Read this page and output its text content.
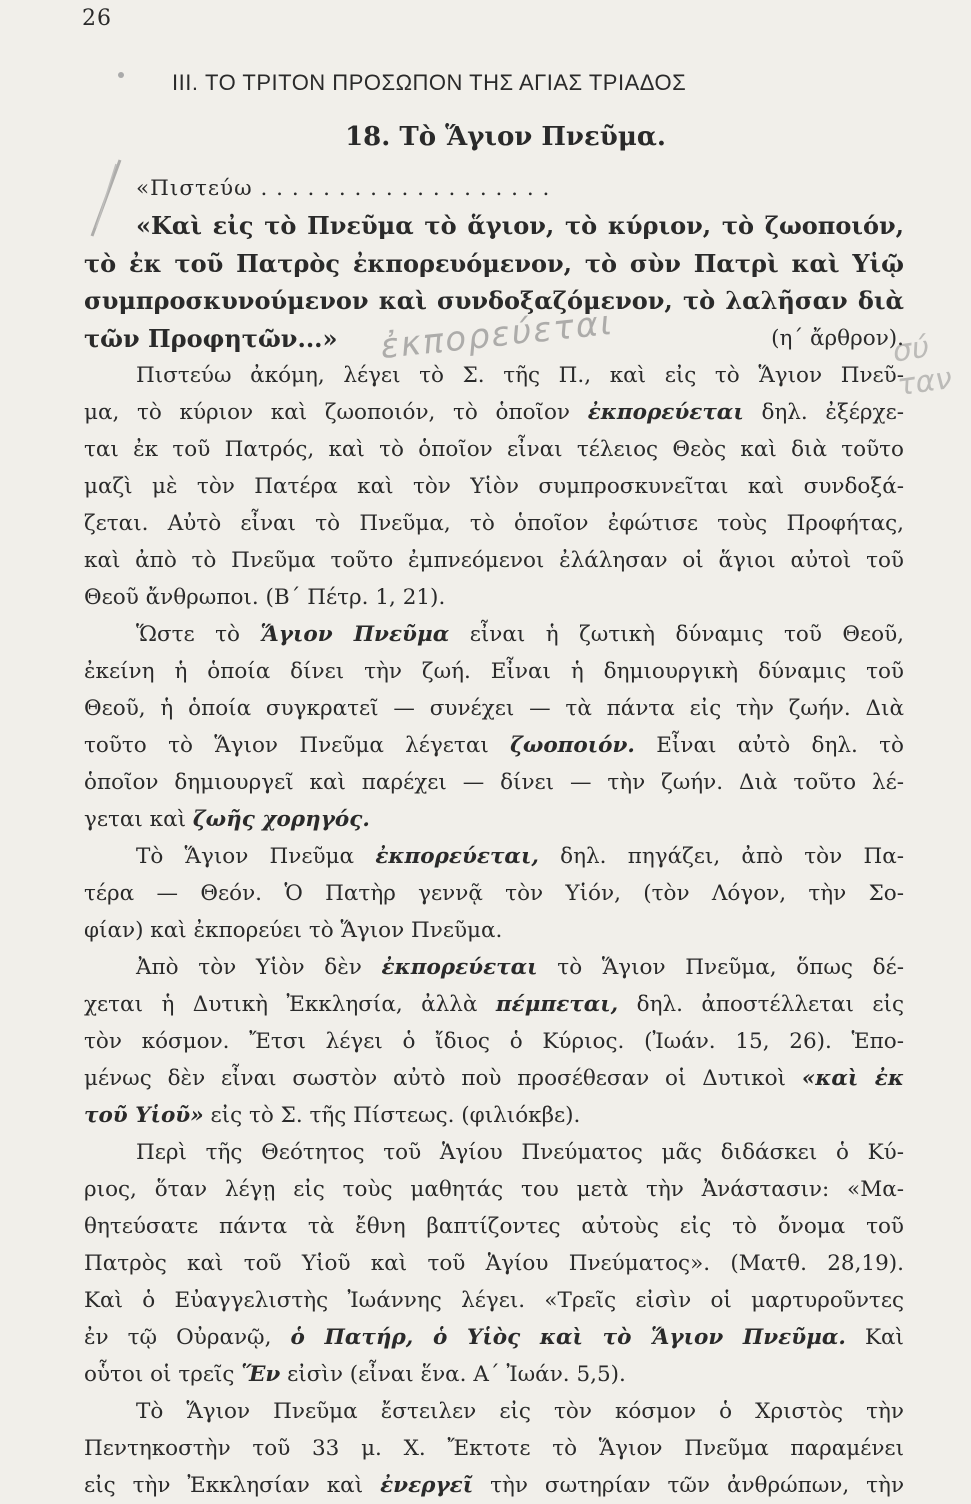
26
III. ΤΟ ΤΡΙΤΟΝ ΠΡΟΣΩΠΟΝ ΤΗΣ ΑΓΙΑΣ ΤΡΙΑΔΟΣ
18. Τὸ Ἅγιον Πνεῦμα.
ἐκπορεύεται	σύ ταν
«Πιστεύω . . . . . . . . . . . . . . . . . . .
«Καὶ εἰς τὸ Πνεῦμα τὸ ἅγιον, τὸ κύριον, τὸ ζωοποιόν,
τὸ ἐκ τοῦ Πατρὸς ἐκπορευόμενον, τὸ σὺν Πατρὶ καὶ Υἱῷ
συμπροσκυνούμενον καὶ συνδοξαζόμενον, τὸ λαλῆσαν διὰ
τῶν Προφητῶν...»	(η΄ ἄρθρον).
Πιστεύω ἀκόμη, λέγει τὸ Σ. τῆς Π., καὶ εἰς τὸ Ἅγιον Πνεῦ-
μα, τὸ κύριον καὶ ζωοποιόν, τὸ ὁποῖον ἐκπορεύεται δηλ. ἐξέρχε-
ται ἐκ τοῦ Πατρός, καὶ τὸ ὁποῖον εἶναι τέλειος Θεὸς καὶ διὰ τοῦτο
μαζὶ μὲ τὸν Πατέρα καὶ τὸν Υἱὸν συμπροσκυνεῖται καὶ συνδοξά-
ζεται. Αὐτὸ εἶναι τὸ Πνεῦμα, τὸ ὁποῖον ἐφώτισε τοὺς Προφήτας,
καὶ ἀπὸ τὸ Πνεῦμα τοῦτο ἐμπνεόμενοι ἐλάλησαν οἱ ἅγιοι αὐτοὶ τοῦ
Θεοῦ ἄνθρωποι. (Β΄ Πέτρ. 1, 21).
Ὥστε τὸ Ἅγιον Πνεῦμα εἶναι ἡ ζωτικὴ δύναμις τοῦ Θεοῦ,
ἐκείνη ἡ ὁποία δίνει τὴν ζωή. Εἶναι ἡ δημιουργικὴ δύναμις τοῦ
Θεοῦ, ἡ ὁποία συγκρατεῖ — συνέχει — τὰ πάντα εἰς τὴν ζωήν. Διὰ
τοῦτο τὸ Ἅγιον Πνεῦμα λέγεται ζωοποιόν. Εἶναι αὐτὸ δηλ. τὸ
ὁποῖον δημιουργεῖ καὶ παρέχει — δίνει — τὴν ζωήν. Διὰ τοῦτο λέ-
γεται καὶ ζωῆς χορηγός.
Τὸ Ἅγιον Πνεῦμα ἐκπορεύεται, δηλ. πηγάζει, ἀπὸ τὸν Πα-
τέρα — Θεόν. Ὁ Πατὴρ γεννᾷ τὸν Υἱόν, (τὸν Λόγον, τὴν Σο-
φίαν) καὶ ἐκπορεύει τὸ Ἅγιον Πνεῦμα.
Ἀπὸ τὸν Υἱὸν δὲν ἐκπορεύεται τὸ Ἅγιον Πνεῦμα, ὅπως δέ-
χεται ἡ Δυτικὴ Ἐκκλησία, ἀλλὰ πέμπεται, δηλ. ἀποστέλλεται εἰς
τὸν κόσμον. Ἔτσι λέγει ὁ ἴδιος ὁ Κύριος. (Ἰωάν. 15, 26). Ἑπο-
μένως δὲν εἶναι σωστὸν αὐτὸ ποὺ προσέθεσαν οἱ Δυτικοὶ «καὶ ἐκ
τοῦ Υἱοῦ» εἰς τὸ Σ. τῆς Πίστεως. (φιλιόκβε).
Περὶ τῆς Θεότητος τοῦ Ἁγίου Πνεύματος μᾶς διδάσκει ὁ Κύ-
ριος, ὅταν λέγῃ εἰς τοὺς μαθητάς του μετὰ τὴν Ἀνάστασιν: «Μα-
θητεύσατε πάντα τὰ ἔθνη βαπτίζοντες αὐτοὺς εἰς τὸ ὄνομα τοῦ
Πατρὸς καὶ τοῦ Υἱοῦ καὶ τοῦ Ἁγίου Πνεύματος». (Ματθ. 28,19).
Καὶ ὁ Εὐαγγελιστὴς Ἰωάννης λέγει. «Τρεῖς εἰσὶν οἱ μαρτυροῦντες
ἐν τῷ Οὐρανῷ, ὁ Πατήρ, ὁ Υἱὸς καὶ τὸ Ἅγιον Πνεῦμα. Καὶ
οὗτοι οἱ τρεῖς Ἕν εἰσὶν (εἶναι ἕνα. Α΄ Ἰωάν. 5,5).
Τὸ Ἅγιον Πνεῦμα ἔστειλεν εἰς τὸν κόσμον ὁ Χριστὸς τὴν
Πεντηκοστὴν τοῦ 33 μ. Χ. Ἔκτοτε τὸ Ἅγιον Πνεῦμα παραμένει
εἰς τὴν Ἐκκλησίαν καὶ ἐνεργεῖ τὴν σωτηρίαν τῶν ἀνθρώπων, τὴν
